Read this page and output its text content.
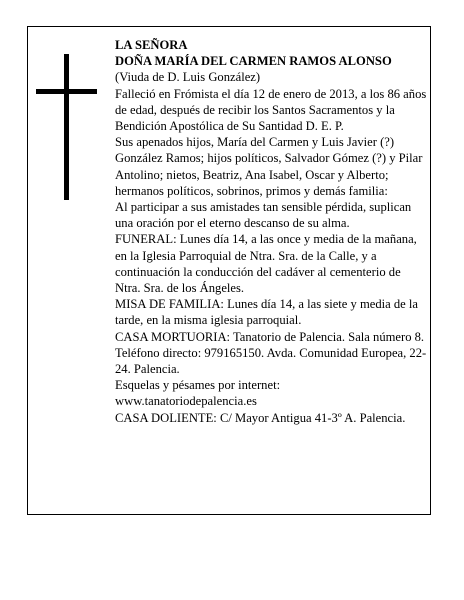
LA SEÑORA

DOÑA MARÍA DEL CARMEN RAMOS ALONSO

(Viuda de D. Luis González)

Falleció en Frómista el día 12 de enero de 2013, a los 86 años de edad, después de recibir los Santos Sacramentos y la Bendición Apostólica de Su Santidad D. E. P.

Sus apenados hijos, María del Carmen y Luis Javier (?) González Ramos; hijos políticos, Salvador Gómez (?) y Pilar Antolino; nietos, Beatriz, Ana Isabel, Oscar y Alberto; hermanos políticos, sobrinos, primos y demás familia:

Al participar a sus amistades tan sensible pérdida, suplican una oración por el eterno descanso de su alma.

FUNERAL: Lunes día 14, a las once y media de la mañana, en la Iglesia Parroquial de Ntra. Sra. de la Calle, y a continuación la conducción del cadáver al cementerio de Ntra. Sra. de los Ángeles.

MISA DE FAMILIA: Lunes día 14, a las siete y media de la tarde, en la misma iglesia parroquial.

CASA MORTUORIA: Tanatorio de Palencia. Sala número 8. Teléfono directo: 979165150. Avda. Comunidad Europea, 22-24. Palencia.

Esquelas y pésames por internet:

www.tanatoriodepalencia.es

CASA DOLIENTE: C/ Mayor Antigua 41-3º A. Palencia.
